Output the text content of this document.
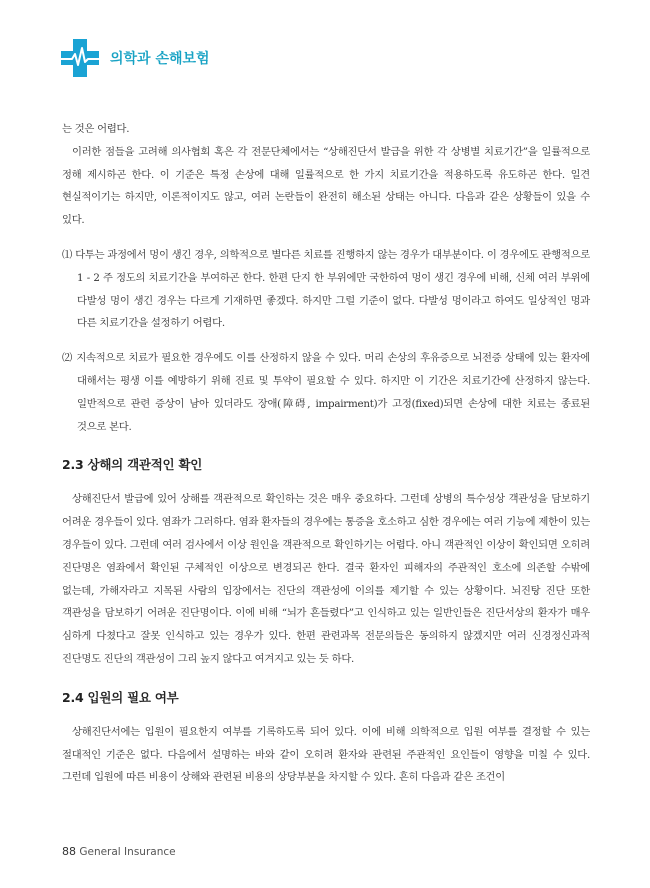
의학과 손해보험

는 것은 어렵다.

이러한 점들을 고려해 의사협회 혹은 각 전문단체에서는 “상해진단서 발급을 위한 각 상병별 치료기간”을 일률적으로 정해 제시하곤 한다. 이 기준은 특정 손상에 대해 일률적으로 한 가지 치료기간을 적용하도록 유도하곤 한다. 일견 현실적이기는 하지만, 이론적이지도 않고, 여러 논란들이 완전히 해소된 상태는 아니다. 다음과 같은 상황들이 있을 수 있다.

⑴ 다투는 과정에서 멍이 생긴 경우, 의학적으로 별다른 치료를 진행하지 않는 경우가 대부분이다. 이 경우에도 관행적으로 1 - 2 주 정도의 치료기간을 부여하곤 한다. 한편 단지 한 부위에만 국한하여 멍이 생긴 경우에 비해, 신체 여러 부위에 다발성 멍이 생긴 경우는 다르게 기재하면 좋겠다. 하지만 그럴 기준이 없다. 다발성 멍이라고 하여도 일상적인 멍과 다른 치료기간을 설정하기 어렵다.

⑵ 지속적으로 치료가 필요한 경우에도 이를 산정하지 않을 수 있다. 머리 손상의 후유증으로 뇌전증 상태에 있는 환자에 대해서는 평생 이를 예방하기 위해 진료 및 투약이 필요할 수 있다. 하지만 이 기간은 치료기간에 산정하지 않는다. 일반적으로 관련 증상이 남아 있더라도 장애(障碍, impairment)가 고정(fixed)되면 손상에 대한 치료는 종료된 것으로 본다.

2.3 상해의 객관적인 확인

상해진단서 발급에 있어 상해를 객관적으로 확인하는 것은 매우 중요하다. 그런데 상병의 특수성상 객관성을 담보하기 어려운 경우들이 있다. 염좌가 그러하다. 염좌 환자들의 경우에는 통증을 호소하고 심한 경우에는 여러 기능에 제한이 있는 경우들이 있다. 그런데 여러 검사에서 이상 원인을 객관적으로 확인하기는 어렵다. 아니 객관적인 이상이 확인되면 오히려 진단명은 염좌에서 확인된 구체적인 이상으로 변경되곤 한다. 결국 환자인 피해자의 주관적인 호소에 의존할 수밖에 없는데, 가해자라고 지목된 사람의 입장에서는 진단의 객관성에 이의를 제기할 수 있는 상황이다. 뇌진탕 진단 또한 객관성을 담보하기 어려운 진단명이다. 이에 비해 “뇌가 흔들렸다”고 인식하고 있는 일반인들은 진단서상의 환자가 매우 심하게 다쳤다고 잘못 인식하고 있는 경우가 있다. 한편 관련과목 전문의들은 동의하지 않겠지만 여러 신경정신과적 진단명도 진단의 객관성이 그리 높지 않다고 여겨지고 있는 듯 하다.

2.4 입원의 필요 여부

상해진단서에는 입원이 필요한지 여부를 기록하도록 되어 있다. 이에 비해 의학적으로 입원 여부를 결정할 수 있는 절대적인 기준은 없다. 다음에서 설명하는 바와 같이 오히려 환자와 관련된 주관적인 요인들이 영향을 미칠 수 있다. 그런데 입원에 따른 비용이 상해와 관련된 비용의 상당부분을 차지할 수 있다. 흔히 다음과 같은 조건이

88 General Insurance
